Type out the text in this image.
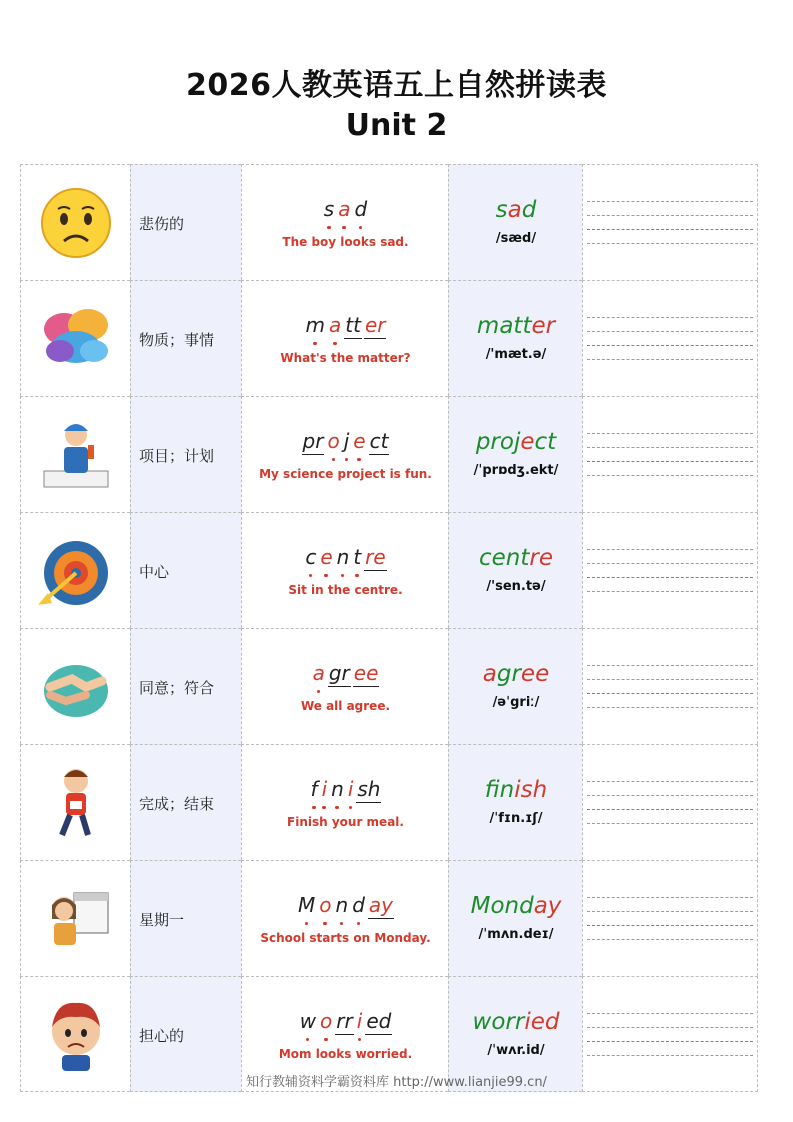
2026人教英语五上自然拼读表
Unit 2
悲伤的
s a d
The boy looks sad.
sad
/sæd/
物质；事情
m a tt er
What's the matter?
matter
/'mæt.ə/
项目；计划
pr o j e ct
My science project is fun.
project
/ˈprɒdʒ.ekt/
中心
c e n t re
Sit in the centre.
centre
/'sen.tə/
同意；符合
a gr ee
We all agree.
agree
/əˈgriː/
完成；结束
f i n i sh
Finish your meal.
finish
/ˈfɪn.ɪʃ/
星期一
M o n d ay
School starts on Monday.
Monday
/ˈmʌn.deɪ/
担心的
w o rr i ed
Mom looks worried.
worried
/ˈwʌr.id/
知行教辅资料学霸资料库 http://www.lianjie99.cn/
